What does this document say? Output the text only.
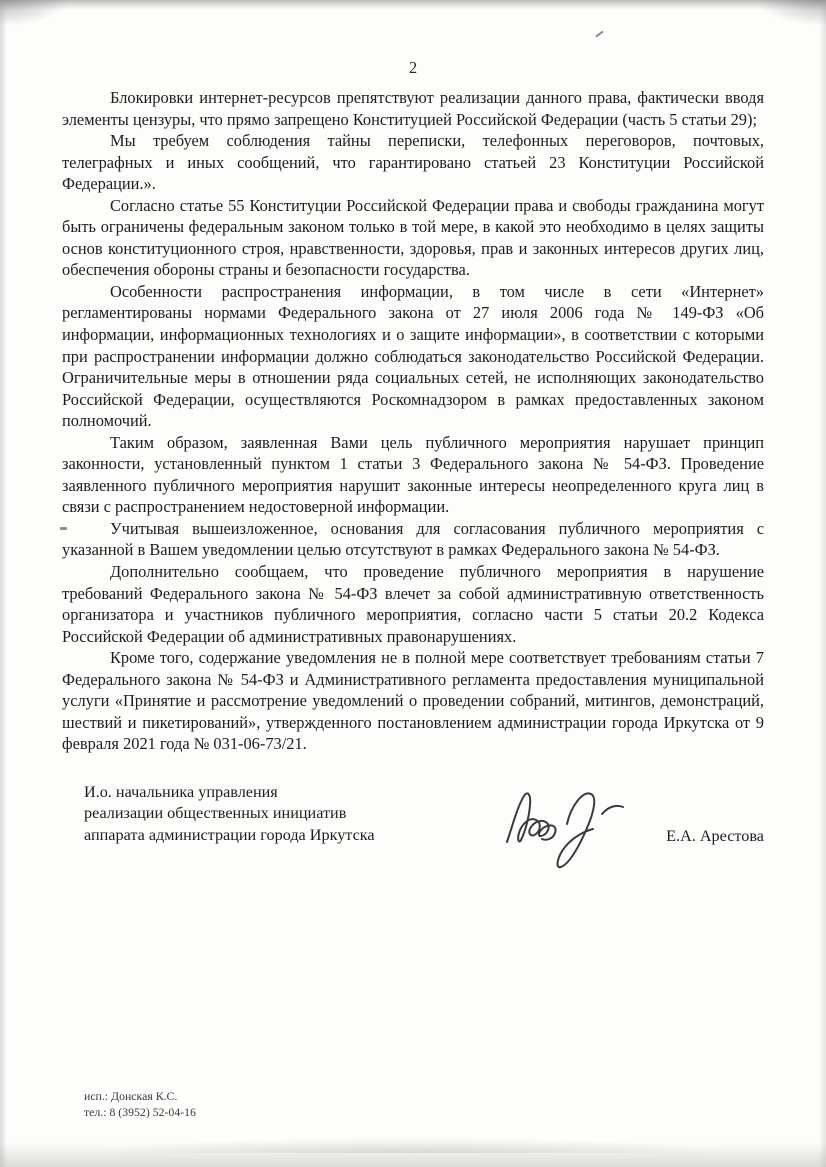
2

Блокировки интернет-ресурсов препятствуют реализации данного права, фактически вводя элементы цензуры, что прямо запрещено Конституцией Российской Федерации (часть 5 статьи 29);

Мы требуем соблюдения тайны переписки, телефонных переговоров, почтовых, телеграфных и иных сообщений, что гарантировано статьей 23 Конституции Российской Федерации.».

Согласно статье 55 Конституции Российской Федерации права и свободы гражданина могут быть ограничены федеральным законом только в той мере, в какой это необходимо в целях защиты основ конституционного строя, нравственности, здоровья, прав и законных интересов других лиц, обеспечения обороны страны и безопасности государства.

Особенности распространения информации, в том числе в сети «Интернет» регламентированы нормами Федерального закона от 27 июля 2006 года № 149-ФЗ «Об информации, информационных технологиях и о защите информации», в соответствии с которыми при распространении информации должно соблюдаться законодательство Российской Федерации. Ограничительные меры в отношении ряда социальных сетей, не исполняющих законодательство Российской Федерации, осуществляются Роскомнадзором в рамках предоставленных законом полномочий.

Таким образом, заявленная Вами цель публичного мероприятия нарушает принцип законности, установленный пунктом 1 статьи 3 Федерального закона № 54-ФЗ. Проведение заявленного публичного мероприятия нарушит законные интересы неопределенного круга лиц в связи с распространением недостоверной информации.

Учитывая вышеизложенное, основания для согласования публичного мероприятия с указанной в Вашем уведомлении целью отсутствуют в рамках Федерального закона № 54-ФЗ.

Дополнительно сообщаем, что проведение публичного мероприятия в нарушение требований Федерального закона № 54-ФЗ влечет за собой административную ответственность организатора и участников публичного мероприятия, согласно части 5 статьи 20.2 Кодекса Российской Федерации об административных правонарушениях.

Кроме того, содержание уведомления не в полной мере соответствует требованиям статьи 7 Федерального закона № 54-ФЗ и Административного регламента предоставления муниципальной услуги «Принятие и рассмотрение уведомлений о проведении собраний, митингов, демонстраций, шествий и пикетирований», утвержденного постановлением администрации города Иркутска от 9 февраля 2021 года № 031-06-73/21.

И.о. начальника управления
реализации общественных инициатив
аппарата администрации города Иркутска	Е.А. Арестова
исп.: Донская К.С.
тел.: 8 (3952) 52-04-16
